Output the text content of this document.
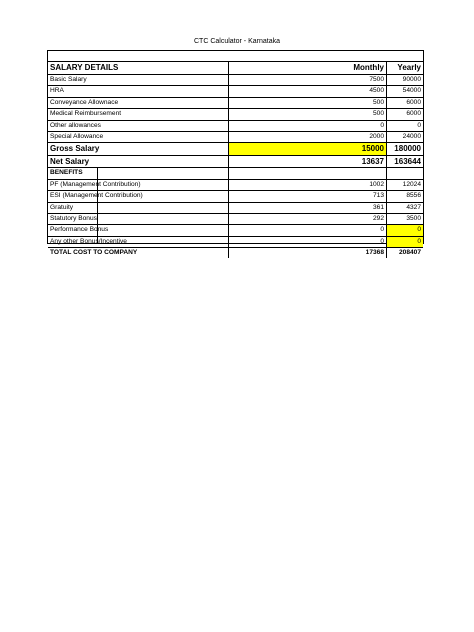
CTC Calculator - Karnataka
SALARY DETAILS	Monthly	Yearly
Basic Salary	7500	90000
HRA	4500	54000
Conveyance Allownace	500	6000
Medical Reimbursement	500	6000
Other allowances	0	0
Special Allowance	2000	24000
Gross Salary	15000	180000
Net Salary	13637	163644
BENEFITS
PF (Management Contribution)	1002	12024
ESI (Management Contribution)	713	8556
Gratuity	361	4327
Statutory Bonus	292	3500
Performance Bonus	0	0
Any other Bonus/Incentive	0	0
TOTAL COST TO COMPANY	17368	208407
